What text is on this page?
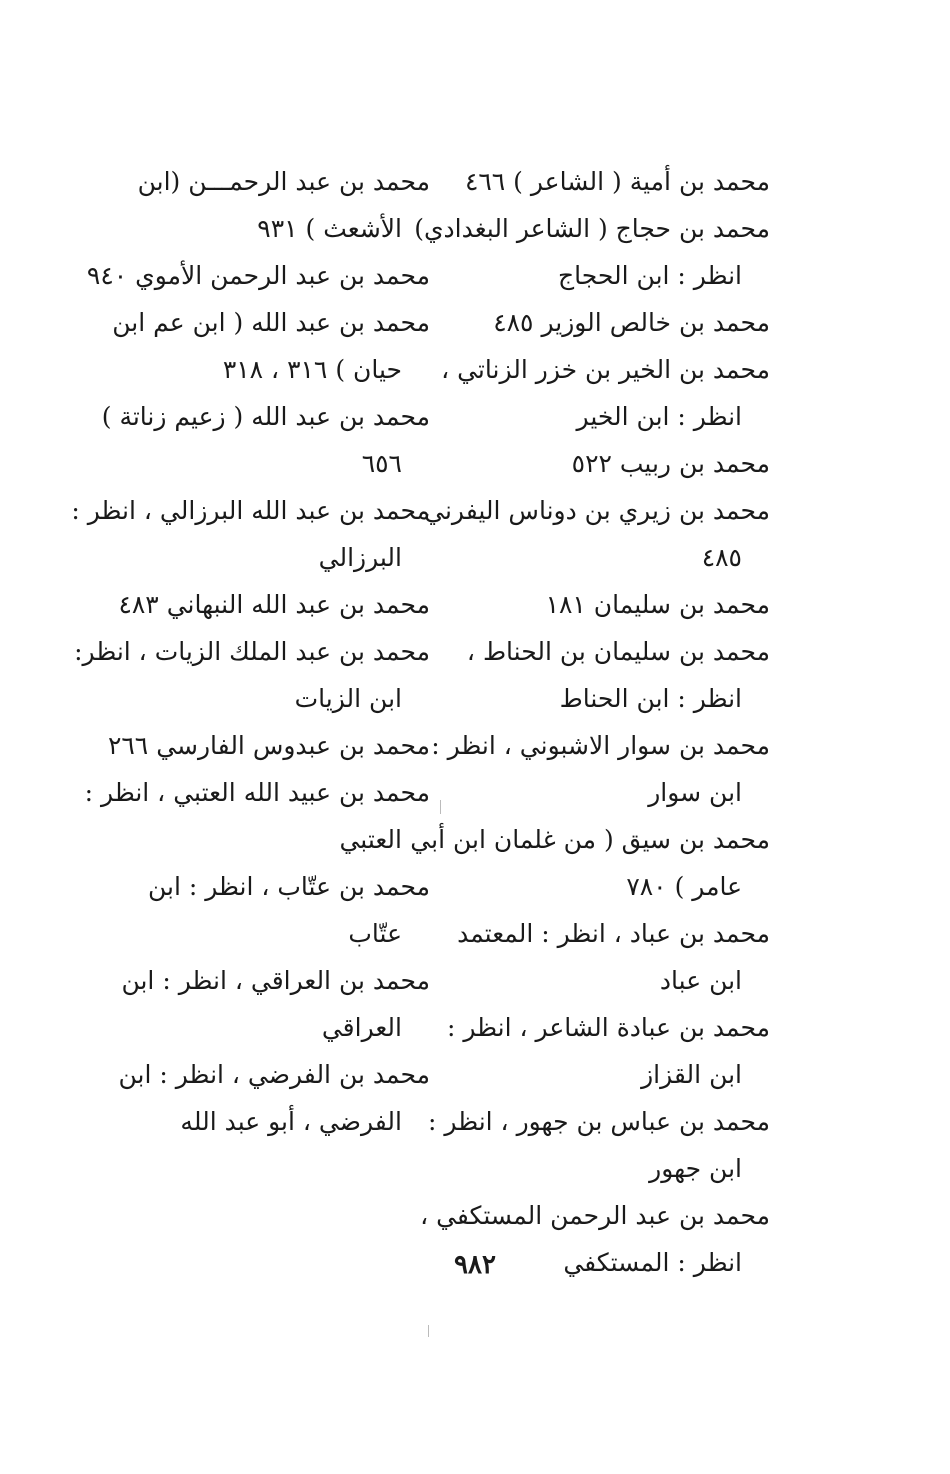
محمد بن أمية ( الشاعر ) ٤٦٦
محمد بن حجاج ( الشاعر البغدادي)
انظر : ابن الحجاج
محمد بن خالص الوزير ٤٨٥
محمد بن الخير بن خزر الزناتي ،
انظر : ابن الخير
محمد بن ربيب ٥٢٢
محمد بن زيري بن دوناس اليفرني
٤٨٥
محمد بن سليمان ١٨١
محمد بن سليمان بن الحناط ،
انظر : ابن الحناط
محمد بن سوار الاشبوني ، انظر :
ابن سوار
محمد بن سيق ( من غلمان ابن أبي
عامر ) ٧٨٠
محمد بن عباد ، انظر : المعتمد
ابن عباد
محمد بن عبادة الشاعر ، انظر :
ابن القزاز
محمد بن عباس بن جهور ، انظر :
ابن جهور
محمد بن عبد الرحمن المستكفي ،
انظر : المستكفي
محمد بن عبد الرحمـــن (ابن
الأشعث ) ٩٣١
محمد بن عبد الرحمن الأموي ٩٤٠
محمد بن عبد الله ( ابن عم ابن
حيان ) ٣١٦ ، ٣١٨
محمد بن عبد الله ( زعيم زناتة )
٦٥٦
محمد بن عبد الله البرزالي ، انظر :
البرزالي
محمد بن عبد الله النبهاني ٤٨٣
محمد بن عبد الملك الزيات ، انظر:
ابن الزيات
محمد بن عبدوس الفارسي ٢٦٦
محمد بن عبيد الله العتبي ، انظر :
العتبي
محمد بن عتّاب ، انظر : ابن
عتّاب
محمد بن العراقي ، انظر : ابن
العراقي
محمد بن الفرضي ، انظر : ابن
الفرضي ، أبو عبد الله
٩٨٢
